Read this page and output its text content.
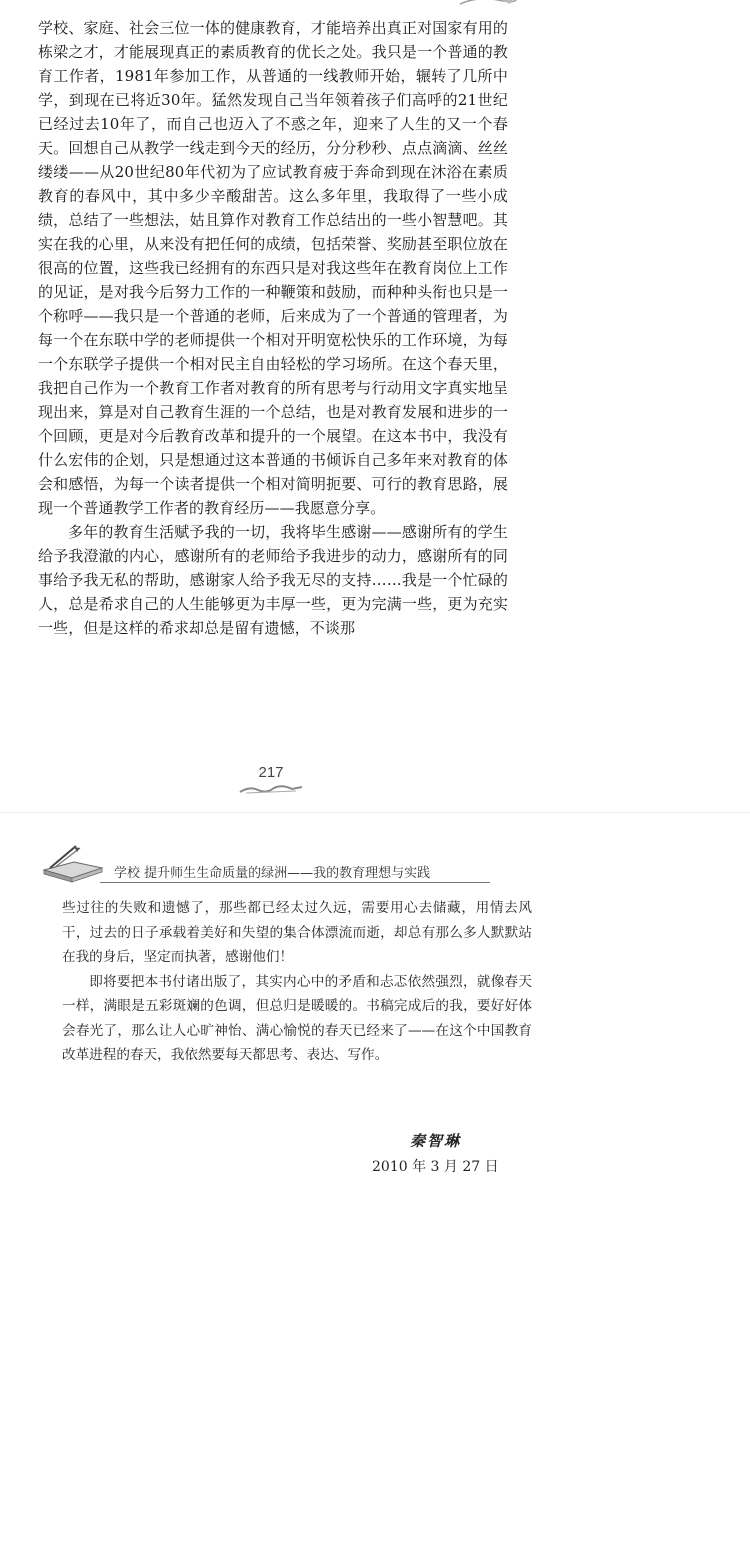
学校、家庭、社会三位一体的健康教育，才能培养出真正对国家有用的栋梁之才，才能展现真正的素质教育的优长之处。我只是一个普通的教育工作者，1981年参加工作，从普通的一线教师开始，辗转了几所中学，到现在已将近30年。猛然发现自己当年领着孩子们高呼的21世纪已经过去10年了，而自己也迈入了不惑之年，迎来了人生的又一个春天。回想自己从教学一线走到今天的经历，分分秒秒、点点滴滴、丝丝缕缕——从20世纪80年代初为了应试教育疲于奔命到现在沐浴在素质教育的春风中，其中多少辛酸甜苦。这么多年里，我取得了一些小成绩，总结了一些想法，姑且算作对教育工作总结出的一些小智慧吧。其实在我的心里，从来没有把任何的成绩，包括荣誉、奖励甚至职位放在很高的位置，这些我已经拥有的东西只是对我这些年在教育岗位上工作的见证，是对我今后努力工作的一种鞭策和鼓励，而种种头衔也只是一个称呼——我只是一个普通的老师，后来成为了一个普通的管理者，为每一个在东联中学的老师提供一个相对开明宽松快乐的工作环境，为每一个东联学子提供一个相对民主自由轻松的学习场所。在这个春天里，我把自己作为一个教育工作者对教育的所有思考与行动用文字真实地呈现出来，算是对自己教育生涯的一个总结，也是对教育发展和进步的一个回顾，更是对今后教育改革和提升的一个展望。在这本书中，我没有什么宏伟的企划，只是想通过这本普通的书倾诉自己多年来对教育的体会和感悟，为每一个读者提供一个相对简明扼要、可行的教育思路，展现一个普通教学工作者的教育经历——我愿意分享。

多年的教育生活赋予我的一切，我将毕生感谢——感谢所有的学生给予我澄澈的内心，感谢所有的老师给予我进步的动力，感谢所有的同事给予我无私的帮助，感谢家人给予我无尽的支持……我是一个忙碌的人，总是希求自己的人生能够更为丰厚一些，更为完满一些，更为充实一些，但是这样的希求却总是留有遗憾，不谈那

217
学校 提升师生生命质量的绿洲——我的教育理想与实践

些过往的失败和遗憾了，那些都已经太过久远，需要用心去储藏，用情去风干，过去的日子承载着美好和失望的集合体漂流而逝，却总有那么多人默默站在我的身后，坚定而执著，感谢他们！

即将要把本书付诸出版了，其实内心中的矛盾和忐忑依然强烈，就像春天一样，满眼是五彩斑斓的色调，但总归是暖暖的。书稿完成后的我，要好好体会春光了，那么让人心旷神怡、满心愉悦的春天已经来了——在这个中国教育改革进程的春天，我依然要每天都思考、表达、写作。

秦智琳
2010 年 3 月 27 日
